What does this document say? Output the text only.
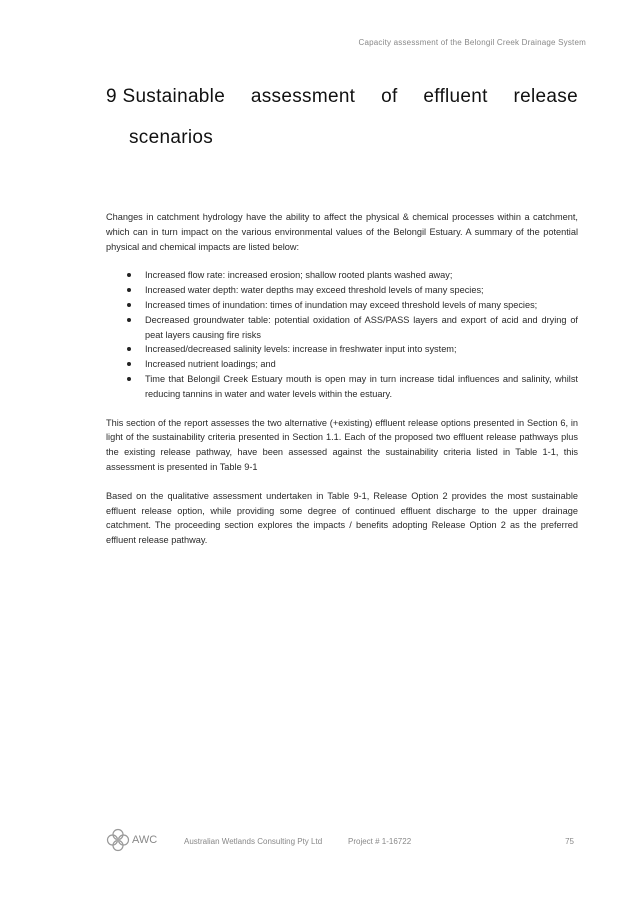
Capacity assessment of the Belongil Creek Drainage System
9 Sustainable assessment of effluent release
scenarios

Changes in catchment hydrology have the ability to affect the physical & chemical processes within a catchment, which can in turn impact on the various environmental values of the Belongil Estuary. A summary of the potential physical and chemical impacts are listed below:

Increased flow rate: increased erosion; shallow rooted plants washed away;
Increased water depth: water depths may exceed threshold levels of many species;
Increased times of inundation: times of inundation may exceed threshold levels of many species;
Decreased groundwater table: potential oxidation of ASS/PASS layers and export of acid and drying of peat layers causing fire risks
Increased/decreased salinity levels: increase in freshwater input into system;
Increased nutrient loadings; and
Time that Belongil Creek Estuary mouth is open may in turn increase tidal influences and salinity, whilst reducing tannins in water and water levels within the estuary.

This section of the report assesses the two alternative (+existing) effluent release options presented in Section 6, in light of the sustainability criteria presented in Section 1.1. Each of the proposed two effluent release pathways plus the existing release pathway, have been assessed against the sustainability criteria listed in Table 1-1, this assessment is presented in Table 9-1

Based on the qualitative assessment undertaken in Table 9-1, Release Option 2 provides the most sustainable effluent release option, while providing some degree of continued effluent discharge to the upper drainage catchment. The proceeding section explores the impacts / benefits adopting Release Option 2 as the preferred effluent release pathway.

AWC	Australian Wetlands Consulting Pty Ltd	Project # 1-16722	75
